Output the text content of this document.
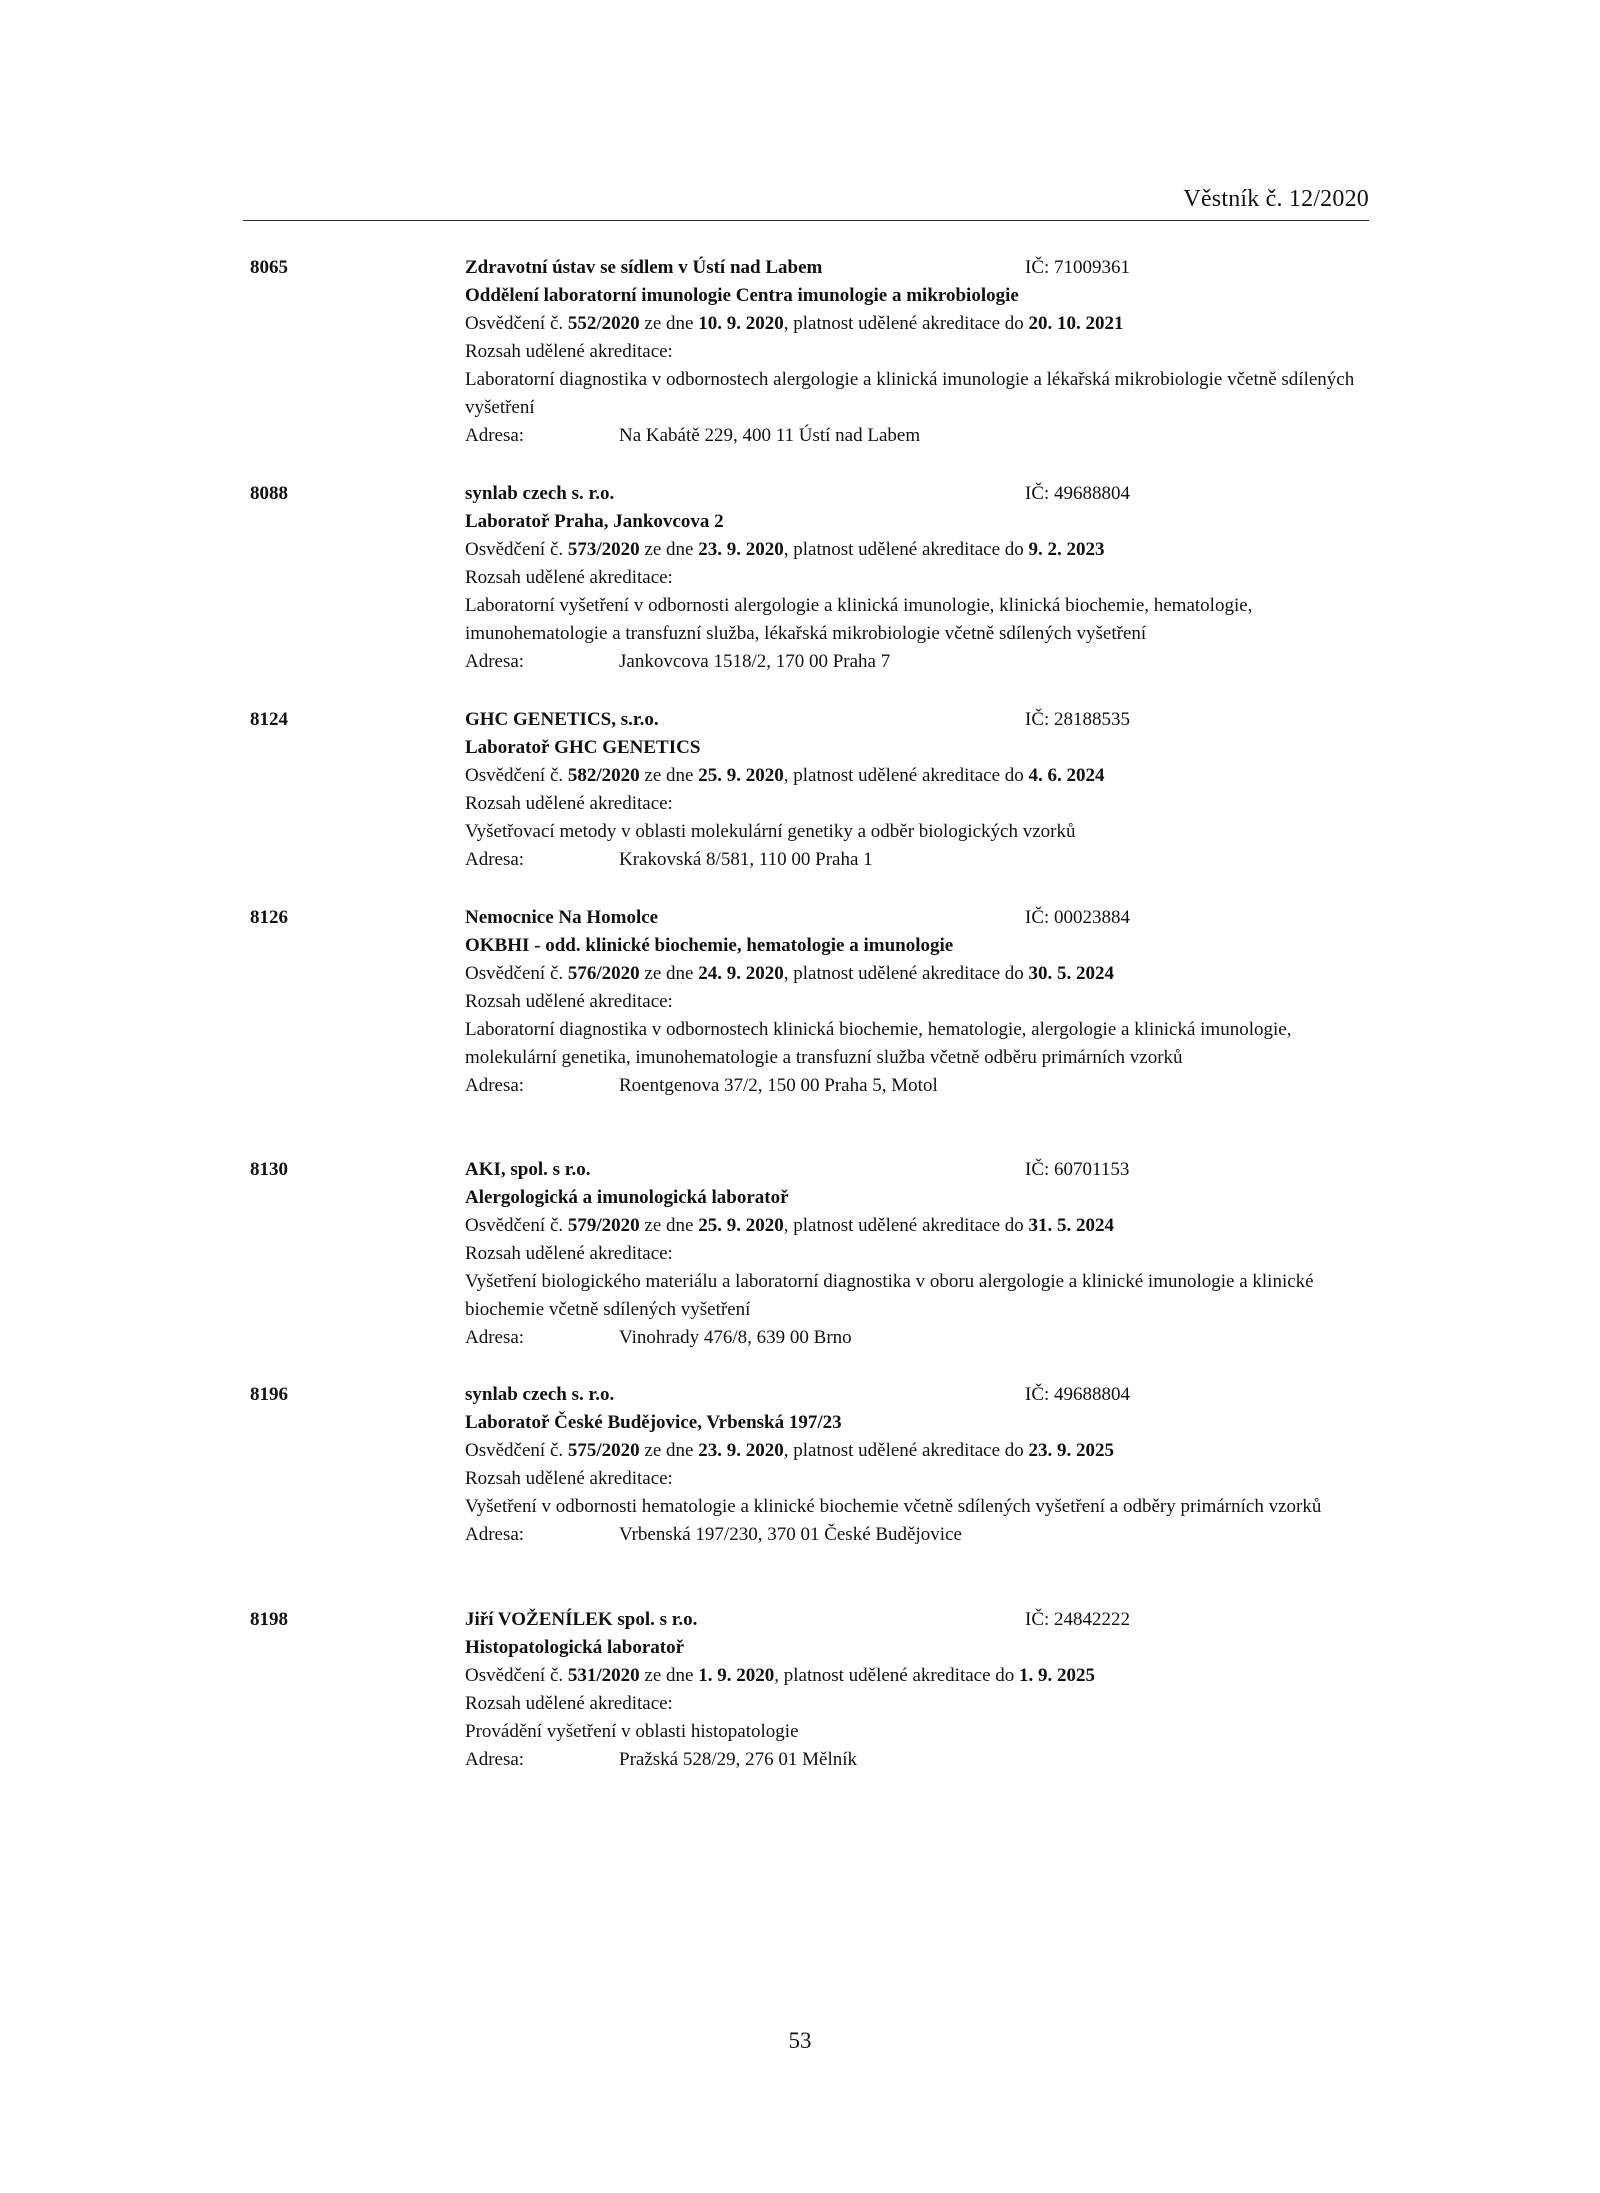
Věstník č. 12/2020
8065	Zdravotní ústav se sídlem v Ústí nad Labem	IČ: 71009361
Oddělení laboratorní imunologie Centra imunologie a mikrobiologie
Osvědčení č. 552/2020 ze dne 10. 9. 2020, platnost udělené akreditace do 20. 10. 2021
Rozsah udělené akreditace:
Laboratorní diagnostika v odbornostech alergologie a klinická imunologie a lékařská mikrobiologie včetně sdílených vyšetření
Adresa:	Na Kabátě 229, 400 11 Ústí nad Labem
8088	synlab czech s. r.o.	IČ: 49688804
Laboratoř Praha, Jankovcova 2
Osvědčení č. 573/2020 ze dne 23. 9. 2020, platnost udělené akreditace do 9. 2. 2023
Rozsah udělené akreditace:
Laboratorní vyšetření v odbornosti alergologie a klinická imunologie, klinická biochemie, hematologie, imunohematologie a transfuzní služba, lékařská mikrobiologie včetně sdílených vyšetření
Adresa:	Jankovcova 1518/2, 170 00 Praha 7
8124	GHC GENETICS, s.r.o.	IČ: 28188535
Laboratoř GHC GENETICS
Osvědčení č. 582/2020 ze dne 25. 9. 2020, platnost udělené akreditace do 4. 6. 2024
Rozsah udělené akreditace:
Vyšetřovací metody v oblasti molekulární genetiky a odběr biologických vzorků
Adresa:	Krakovská 8/581, 110 00 Praha 1
8126	Nemocnice Na Homolce	IČ: 00023884
OKBHI - odd. klinické biochemie, hematologie a imunologie
Osvědčení č. 576/2020 ze dne 24. 9. 2020, platnost udělené akreditace do 30. 5. 2024
Rozsah udělené akreditace:
Laboratorní diagnostika v odbornostech klinická biochemie, hematologie, alergologie a klinická imunologie, molekulární genetika, imunohematologie a transfuzní služba včetně odběru primárních vzorků
Adresa:	Roentgenova 37/2, 150 00 Praha 5, Motol
8130	AKI, spol. s r.o.	IČ: 60701153
Alergologická a imunologická laboratoř
Osvědčení č. 579/2020 ze dne 25. 9. 2020, platnost udělené akreditace do 31. 5. 2024
Rozsah udělené akreditace:
Vyšetření biologického materiálu a laboratorní diagnostika v oboru alergologie a klinické imunologie a klinické biochemie včetně sdílených vyšetření
Adresa:	Vinohrady 476/8, 639 00 Brno
8196	synlab czech s. r.o.	IČ: 49688804
Laboratoř České Budějovice, Vrbenská 197/23
Osvědčení č. 575/2020 ze dne 23. 9. 2020, platnost udělené akreditace do 23. 9. 2025
Rozsah udělené akreditace:
Vyšetření v odbornosti hematologie a klinické biochemie včetně sdílených vyšetření a odběry primárních vzorků
Adresa:	Vrbenská 197/230, 370 01 České Budějovice
8198	Jiří VOŽENÍLEK spol. s r.o.	IČ: 24842222
Histopatologická laboratoř
Osvědčení č. 531/2020 ze dne 1. 9. 2020, platnost udělené akreditace do 1. 9. 2025
Rozsah udělené akreditace:
Provádění vyšetření v oblasti histopatologie
Adresa:	Pražská 528/29, 276 01 Mělník
53
